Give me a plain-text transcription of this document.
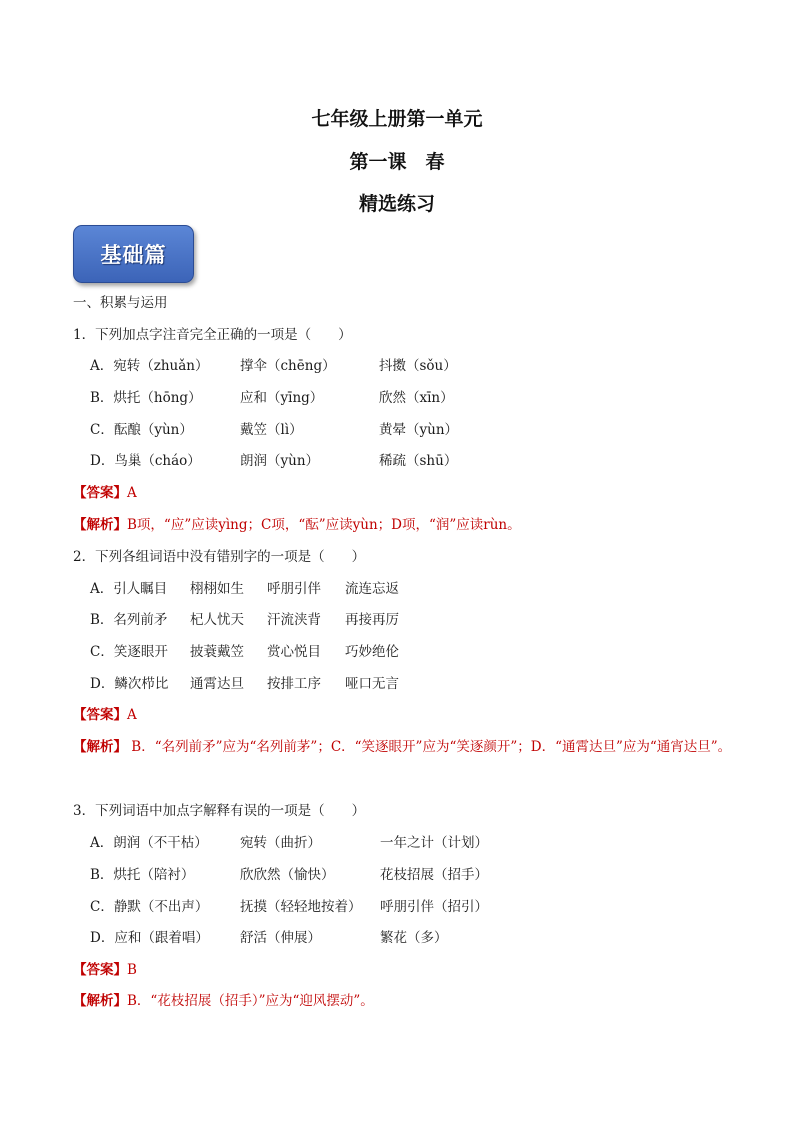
七年级上册第一单元
第一课　春
精选练习
基础篇
一、积累与运用
1．下列加点字注音完全正确的一项是（　　）
A．宛转（zhuǎn） 撑伞（chēng）	抖擞（sǒu）
B．烘托（hōng）	应和（yīng）	欣然（xīn）
C．酝酿（yùn）	戴笠（lì）	黄晕（yùn）
D．鸟巢（cháo）	朗润（yùn）	稀疏（shū）
【答案】A
【解析】B项，“应”应读yìng；C项，“酝”应读yùn；D项，“润”应读rùn。
2．下列各组词语中没有错别字的一项是（　　）
A．引人瞩目 栩栩如生 呼朋引伴 流连忘返
B．名列前矛 杞人忧天 汗流浃背 再接再厉
C．笑逐眼开 披蓑戴笠 赏心悦目 巧妙绝伦
D．鳞次栉比 通霄达旦 按排工序 哑口无言
【答案】A
【解析】 B．“名列前矛”应为“名列前茅”；C．“笑逐眼开”应为“笑逐颜开”；D．“通霄达旦”应为“通宵达旦”。
3．下列词语中加点字解释有误的一项是（　　）
A．朗润（不干枯） 宛转（曲折）	一年之计（计划）
B．烘托（陪衬）	欣欣然（愉快）	花枝招展（招手）
C．静默（不出声） 抚摸（轻轻地按着） 呼朋引伴（招引）
D．应和（跟着唱） 舒活（伸展）	繁花（多）
【答案】B
【解析】B．“花枝招展（招手）”应为“迎风摆动”。
